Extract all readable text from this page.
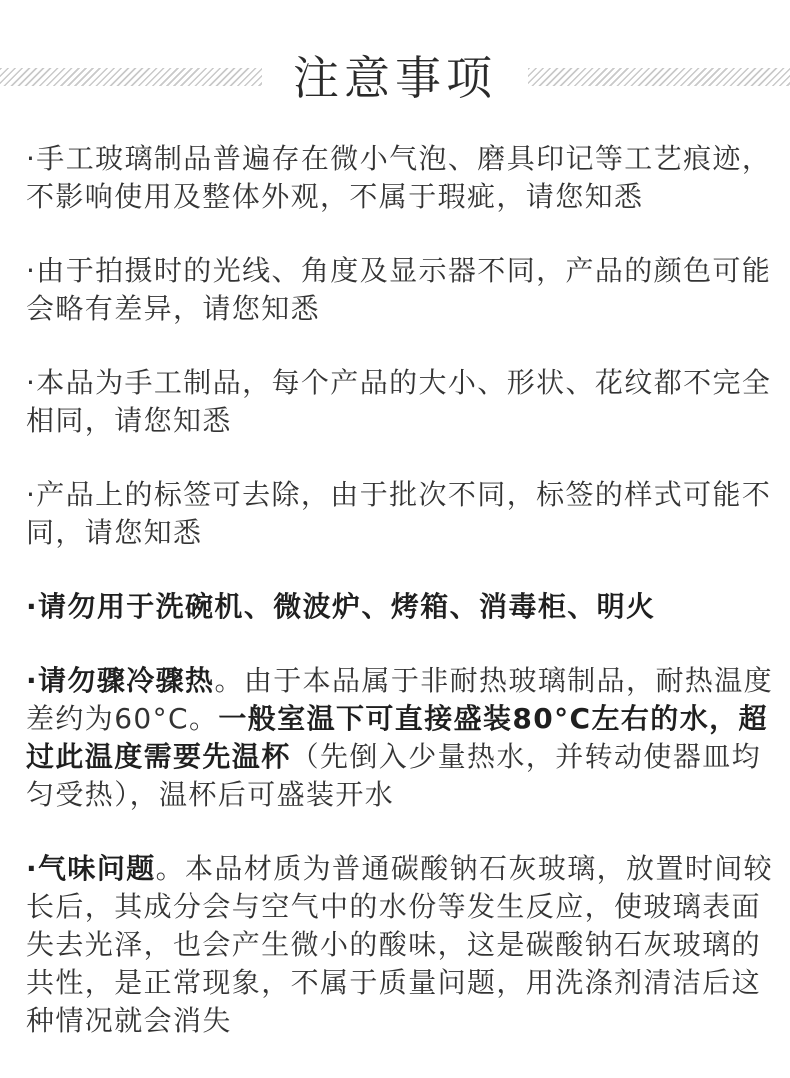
注意事项

·手工玻璃制品普遍存在微小气泡、磨具印记等工艺痕迹，不影响使用及整体外观，不属于瑕疵，请您知悉

·由于拍摄时的光线、角度及显示器不同，产品的颜色可能会略有差异，请您知悉

·本品为手工制品，每个产品的大小、形状、花纹都不完全相同，请您知悉

·产品上的标签可去除，由于批次不同，标签的样式可能不同，请您知悉

·请勿用于洗碗机、微波炉、烤箱、消毒柜、明火

·请勿骤冷骤热。由于本品属于非耐热玻璃制品，耐热温度差约为60°C。一般室温下可直接盛装80°C左右的水，超过此温度需要先温杯（先倒入少量热水，并转动使器皿均匀受热），温杯后可盛装开水

·气味问题。本品材质为普通碳酸钠石灰玻璃，放置时间较长后，其成分会与空气中的水份等发生反应，使玻璃表面失去光泽，也会产生微小的酸味，这是碳酸钠石灰玻璃的共性，是正常现象，不属于质量问题，用洗涤剂清洁后这种情况就会消失
